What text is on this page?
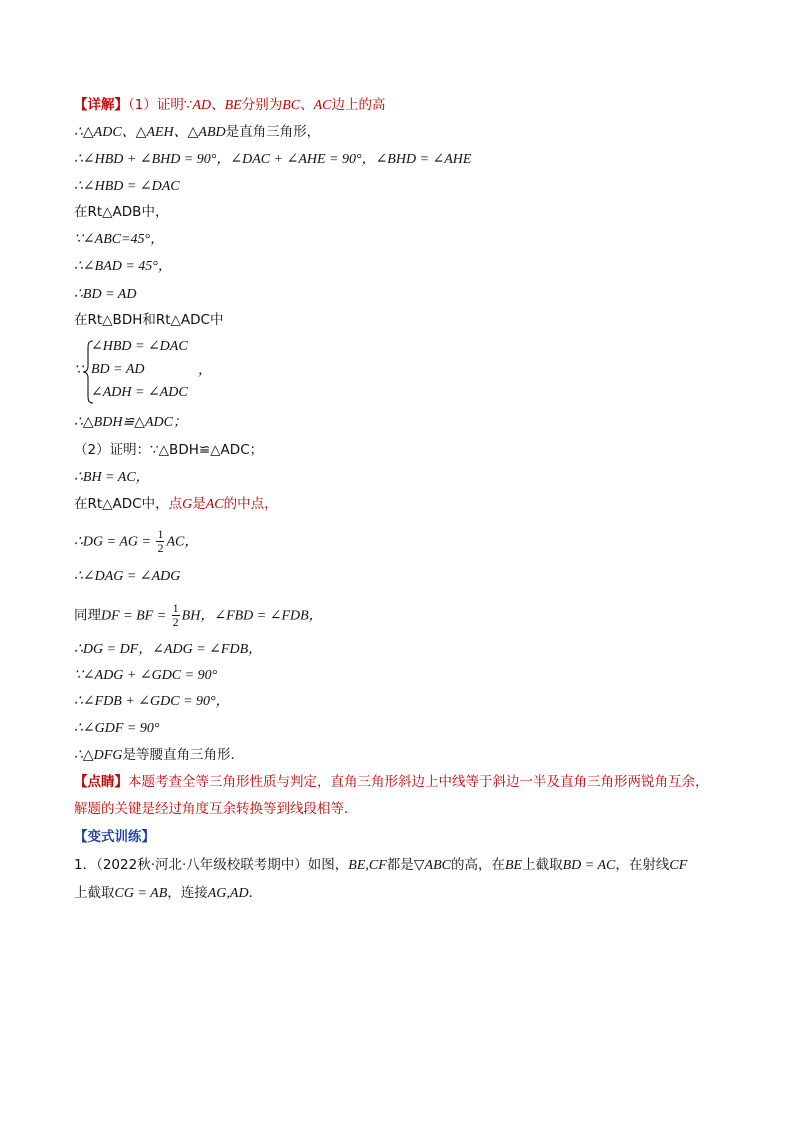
【详解】（1）证明∵AD、BE分别为BC、AC边上的高
∴△ADC、△AEH、△ABD是直角三角形，
∴∠HBD + ∠BHD = 90°，∠DAC + ∠AHE = 90°，∠BHD = ∠AHE
∴∠HBD = ∠DAC
在Rt△ADB中，
∵∠ABC=45°，
∴∠BAD = 45°，
∴BD = AD
在Rt△BDH和Rt△ADC中
∵
∠HBD = ∠DAC
BD = AD
∠ADH = ∠ADC
，
∴△BDH≌△ADC；
（2）证明：∵△BDH≌△ADC；
∴BH = AC，
在Rt△ADC中，点G是AC的中点，
∴DG = AG = $\frac{1}{2}$ AC，
∴∠DAG = ∠ADG
同理DF = BF = $\frac{1}{2}$ BH，∠FBD = ∠FDB，
∴DG = DF，∠ADG = ∠FDB，
∵∠ADG + ∠GDC = 90°
∴∠FDB + ∠GDC = 90°，
∴∠GDF = 90°
∴△DFG是等腰直角三角形．
【点睛】本题考查全等三角形性质与判定，直角三角形斜边上中线等于斜边一半及直角三角形两锐角互余，
解题的关键是经过角度互余转换等到线段相等．
【变式训练】
1．（2022秋·河北·八年级校联考期中）如图，BE,CF都是▽ABC的高，在BE上截取BD = AC，在射线CF
上截取CG = AB，连接AG,AD．
